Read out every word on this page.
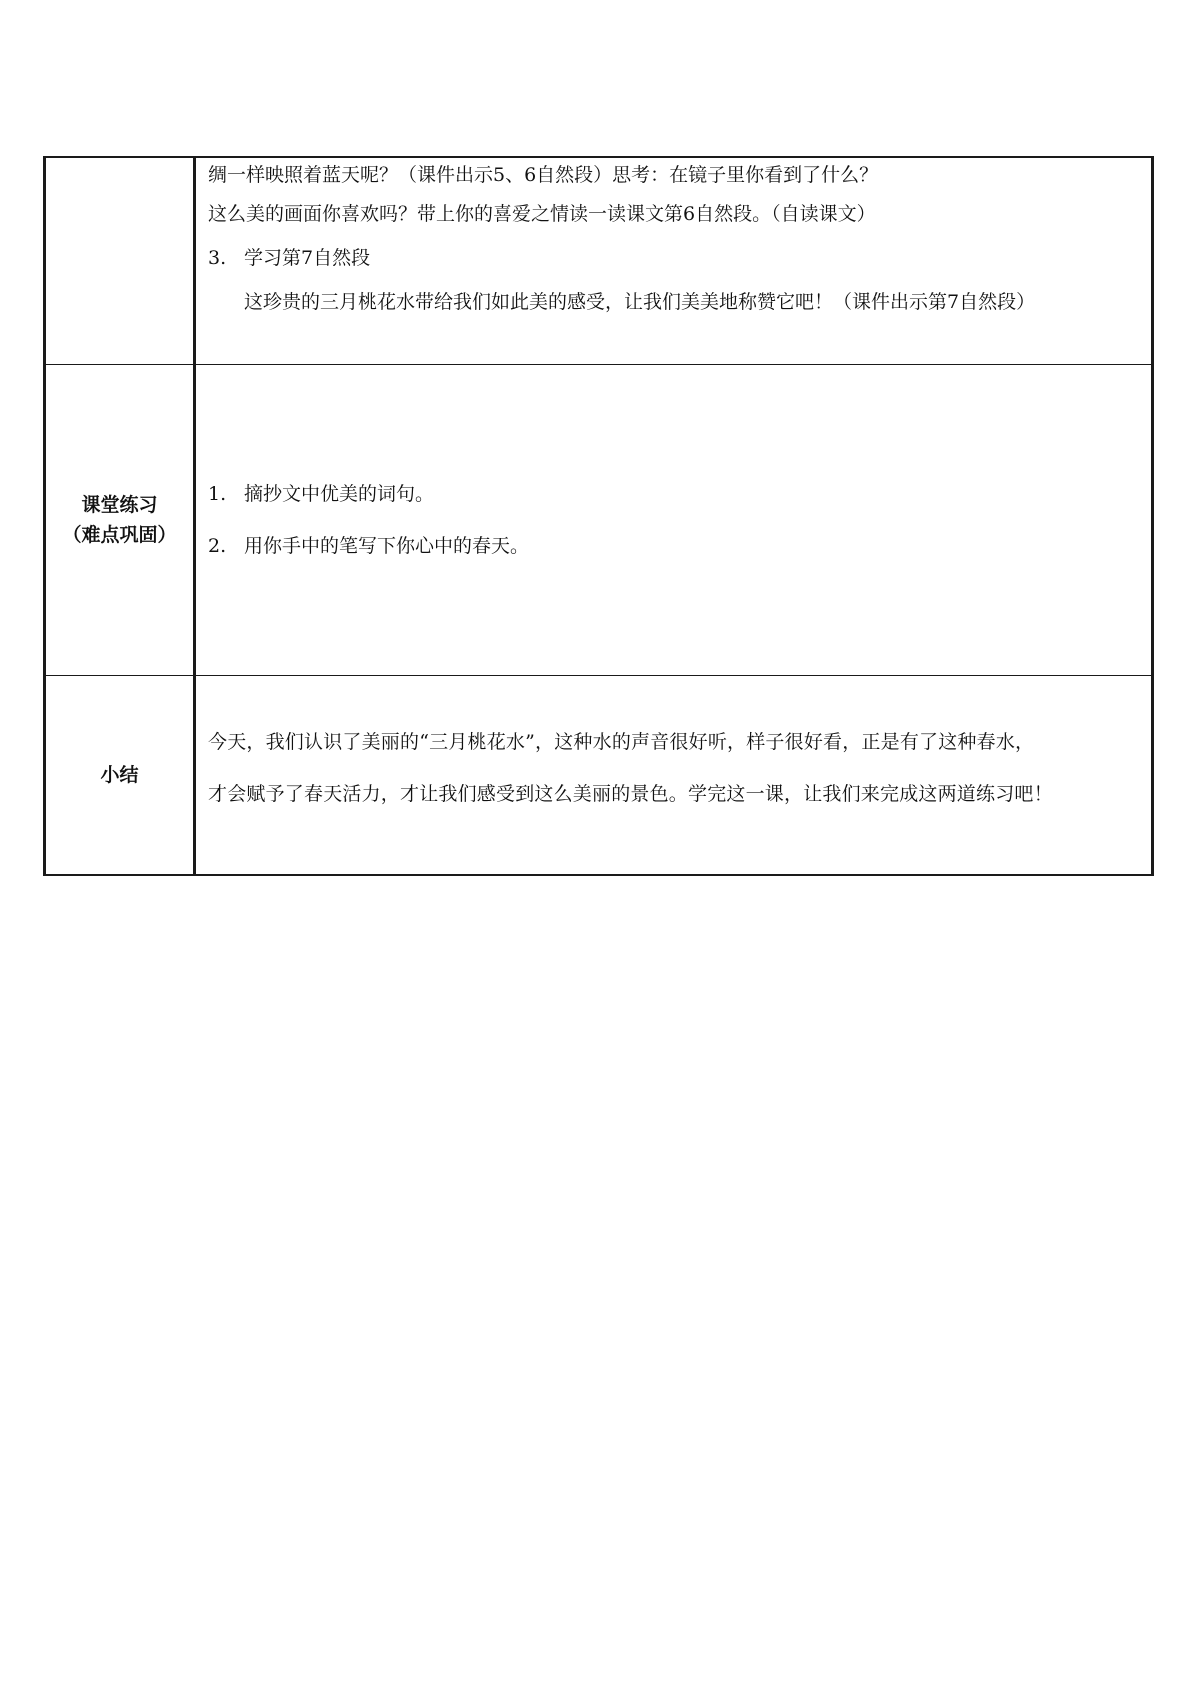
绸一样映照着蓝天呢？（课件出示5、6自然段）思考：在镜子里你看到了什么？
这么美的画面你喜欢吗？带上你的喜爱之情读一读课文第6自然段。（自读课文）
3. 学习第7自然段
这珍贵的三月桃花水带给我们如此美的感受，让我们美美地称赞它吧！（课件出示第7自然段）
课堂练习
（难点巩固）
1. 摘抄文中优美的词句。
2. 用你手中的笔写下你心中的春天。
小结
今天，我们认识了美丽的“三月桃花水”，这种水的声音很好听，样子很好看，正是有了这种春水，
才会赋予了春天活力，才让我们感受到这么美丽的景色。学完这一课，让我们来完成这两道练习吧！
